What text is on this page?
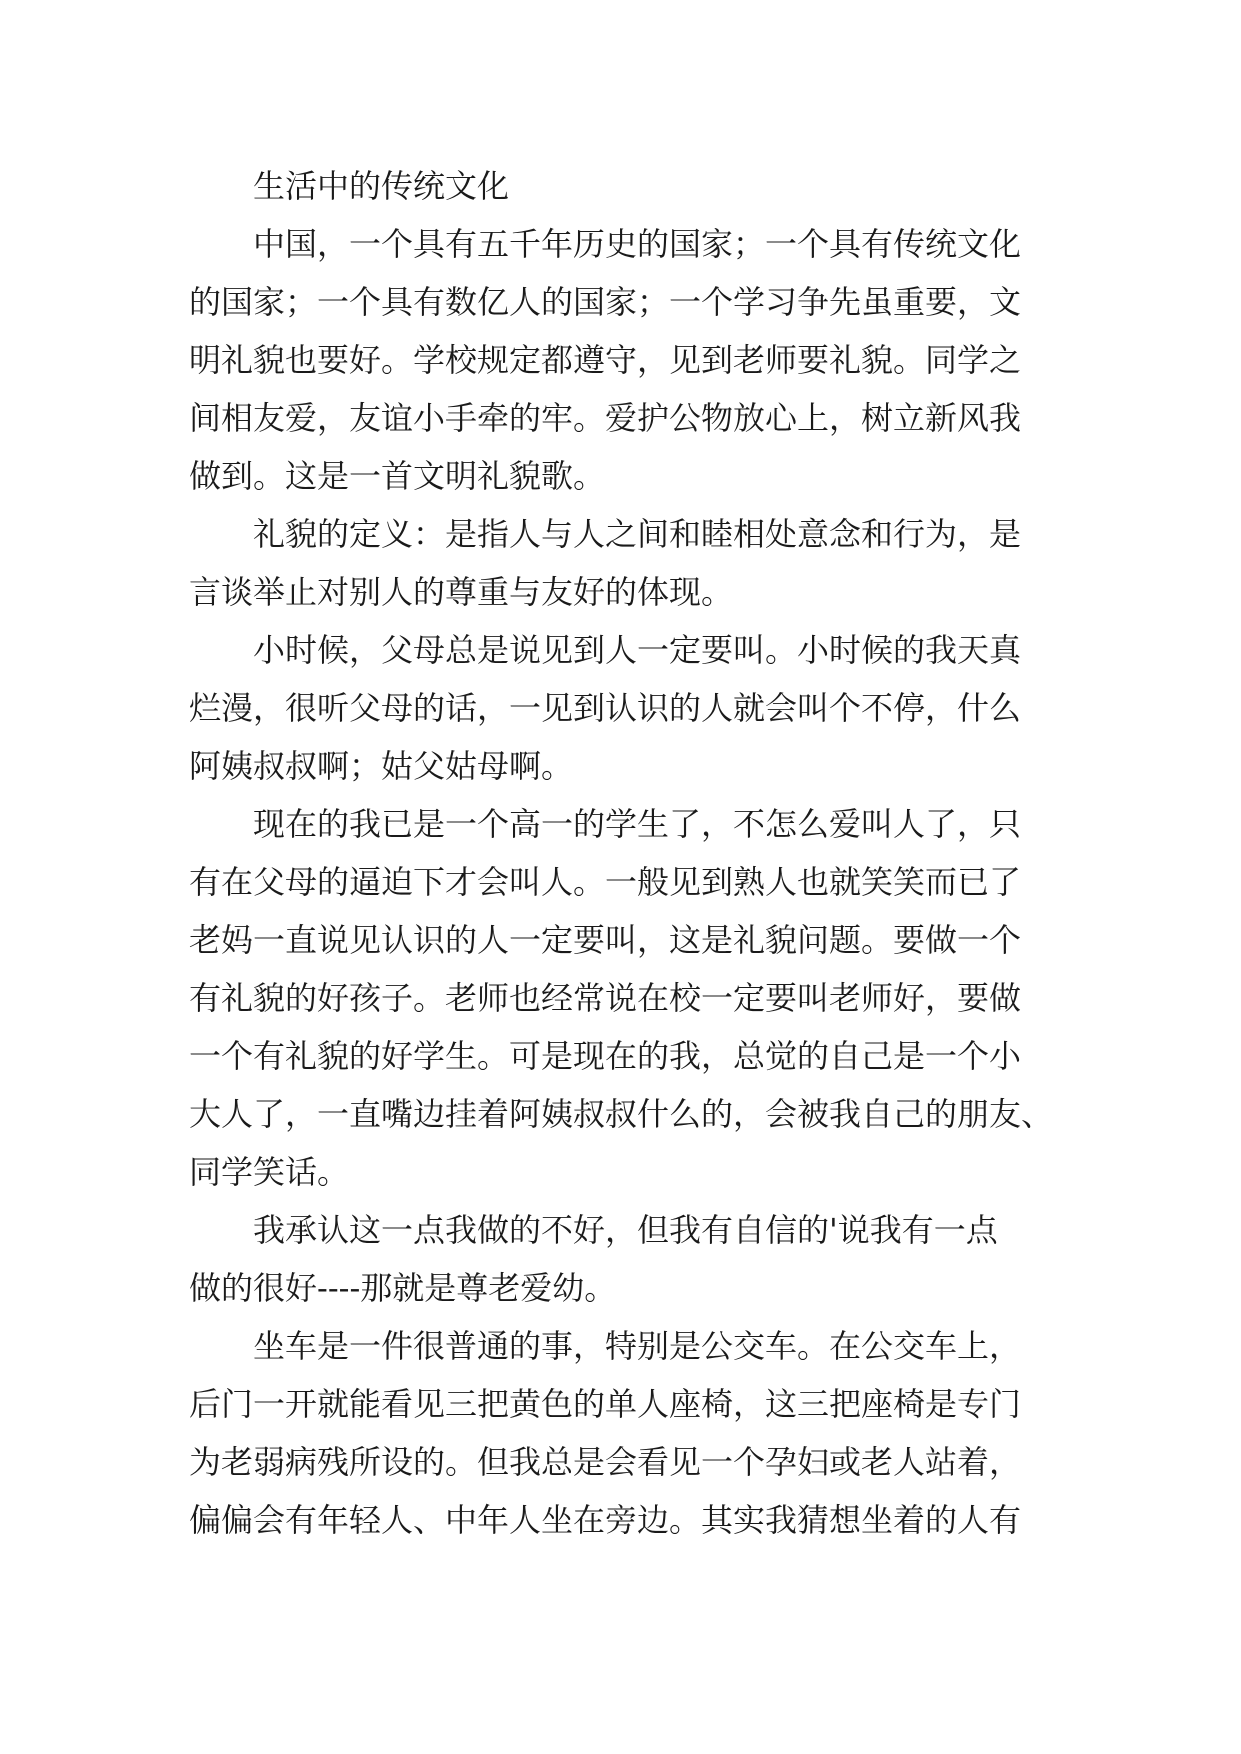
生活中的传统文化
中国，一个具有五千年历史的国家；一个具有传统文化
的国家；一个具有数亿人的国家；一个学习争先虽重要，文
明礼貌也要好。学校规定都遵守，见到老师要礼貌。同学之
间相友爱，友谊小手牵的牢。爱护公物放心上，树立新风我
做到。这是一首文明礼貌歌。
礼貌的定义：是指人与人之间和睦相处意念和行为，是
言谈举止对别人的尊重与友好的体现。
小时候，父母总是说见到人一定要叫。小时候的我天真
烂漫，很听父母的话，一见到认识的人就会叫个不停，什么
阿姨叔叔啊；姑父姑母啊。
现在的我已是一个高一的学生了，不怎么爱叫人了，只
有在父母的逼迫下才会叫人。一般见到熟人也就笑笑而已了
老妈一直说见认识的人一定要叫，这是礼貌问题。要做一个
有礼貌的好孩子。老师也经常说在校一定要叫老师好，要做
一个有礼貌的好学生。可是现在的我，总觉的自己是一个小
大人了，一直嘴边挂着阿姨叔叔什么的，会被我自己的朋友、
同学笑话。
我承认这一点我做的不好，但我有自信的'说我有一点
做的很好----那就是尊老爱幼。
坐车是一件很普通的事，特别是公交车。在公交车上，
后门一开就能看见三把黄色的单人座椅，这三把座椅是专门
为老弱病残所设的。但我总是会看见一个孕妇或老人站着，
偏偏会有年轻人、中年人坐在旁边。其实我猜想坐着的人有
